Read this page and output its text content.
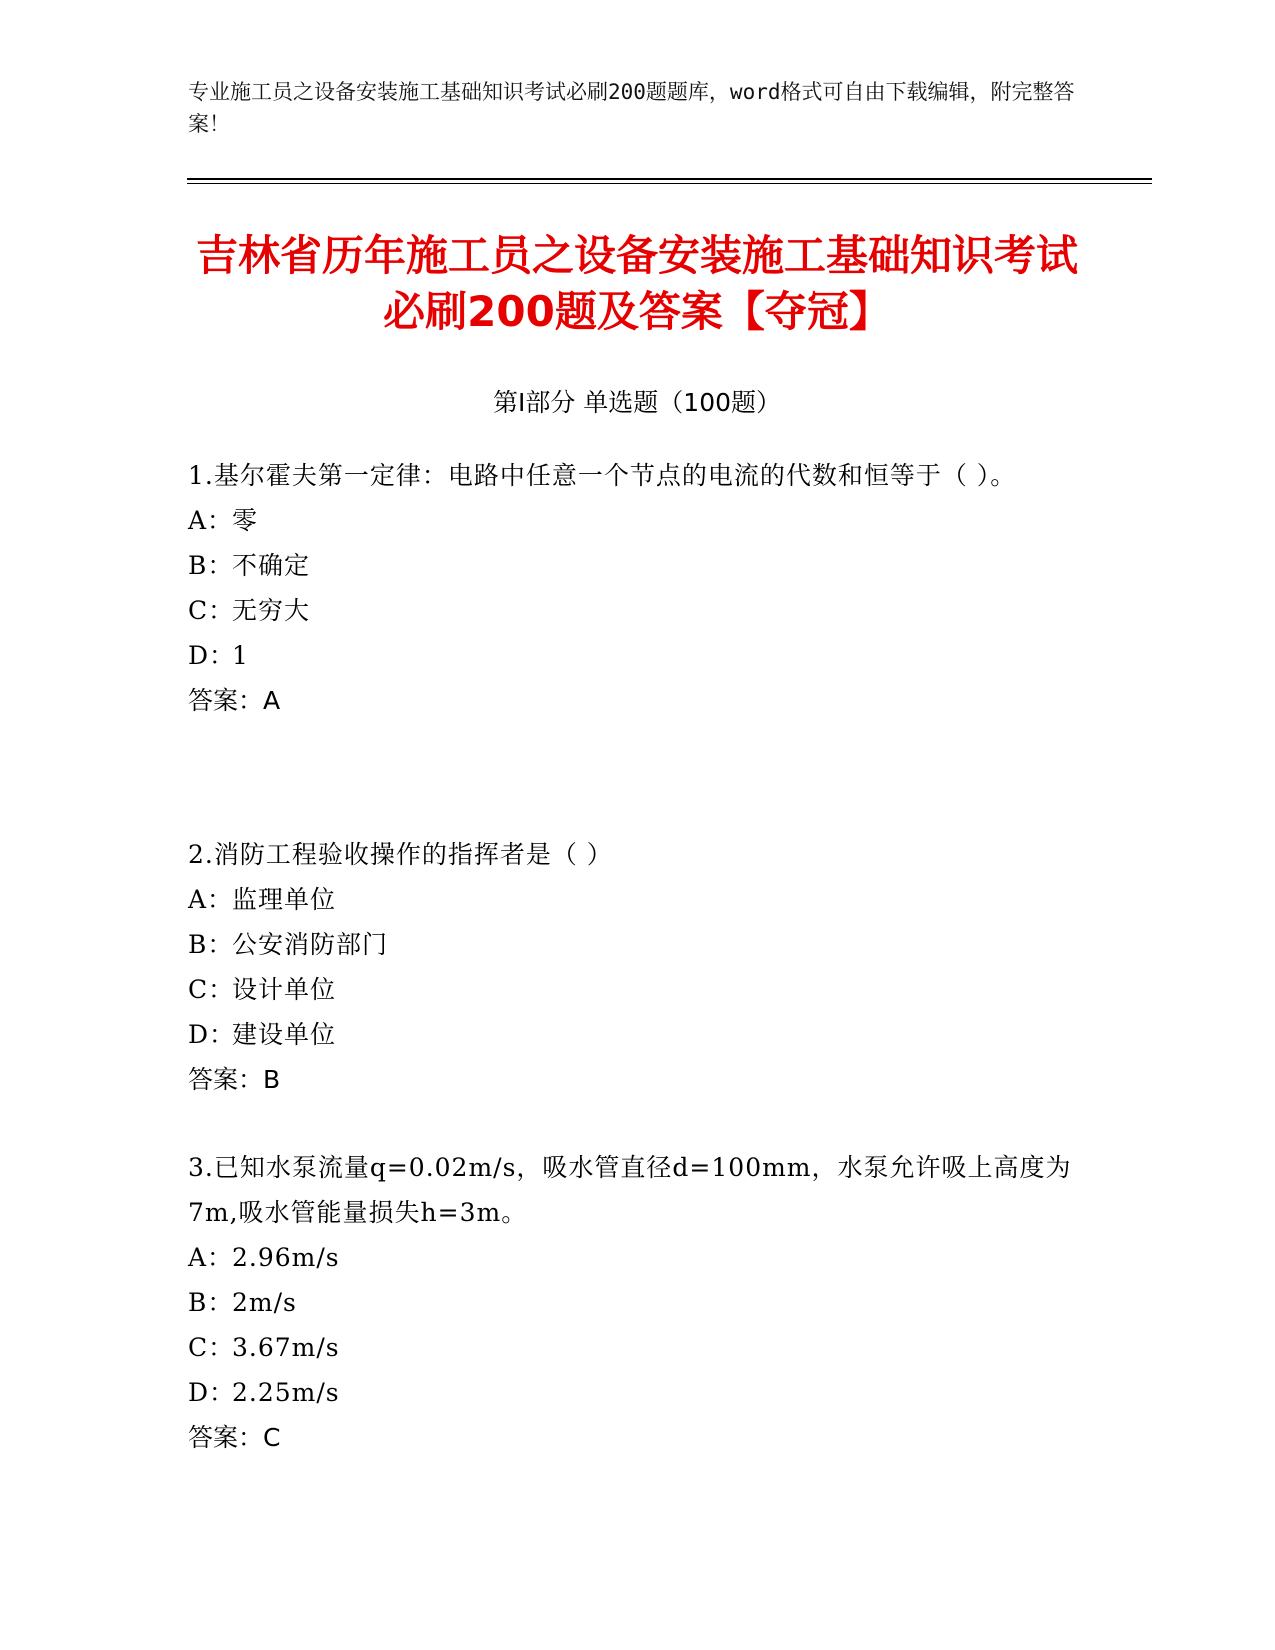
专业施工员之设备安装施工基础知识考试必刷200题题库，word格式可自由下载编辑，附完整答案！
吉林省历年施工员之设备安装施工基础知识考试必刷200题及答案【夺冠】
第Ⅰ部分 单选题（100题）
1.基尔霍夫第一定律：电路中任意一个节点的电流的代数和恒等于（ ）。
A：零
B：不确定
C：无穷大
D：1
答案：A
2.消防工程验收操作的指挥者是（ ）
A：监理单位
B：公安消防部门
C：设计单位
D：建设单位
答案：B
3.已知水泵流量q=0.02m/s，吸水管直径d=100mm，水泵允许吸上高度为7m,吸水管能量损失h=3m。
A：2.96m/s
B：2m/s
C：3.67m/s
D：2.25m/s
答案：C
